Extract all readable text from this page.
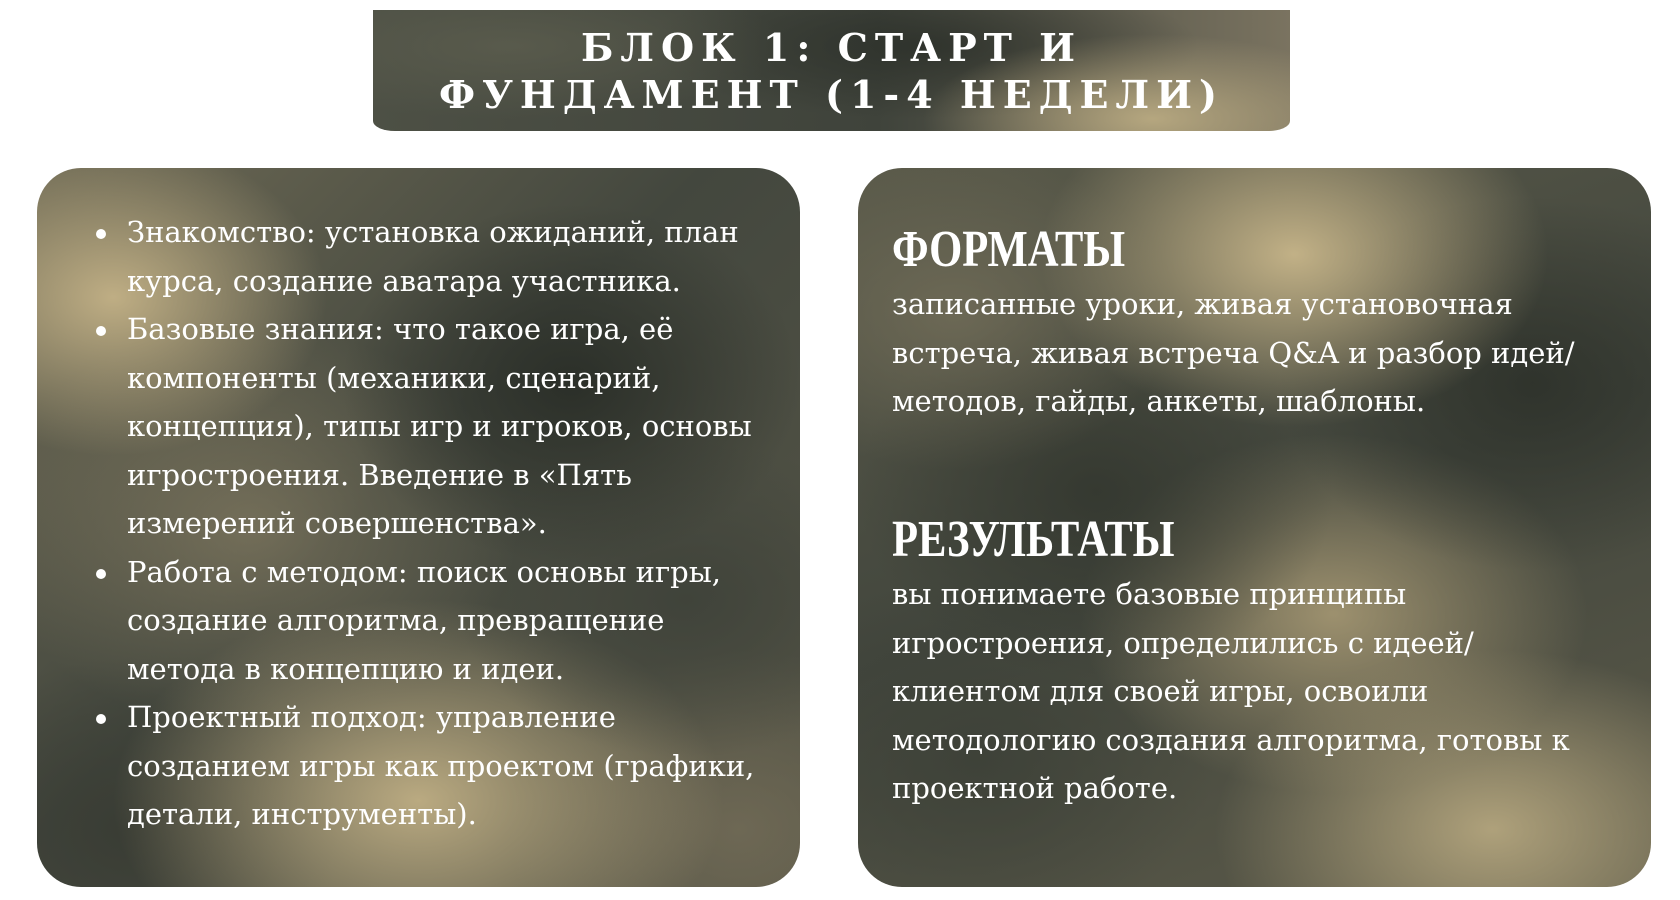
БЛОК 1: СТАРТ И
ФУНДАМЕНТ (1-4 НЕДЕЛИ)
Знакомство: установка ожиданий, план курса, создание аватара участника.
Базовые знания: что такое игра, её компоненты (механики, сценарий, концепция), типы игр и игроков, основы игростроения. Введение в «Пять измерений совершенства».
Работа с методом: поиск основы игры, создание алгоритма, превращение метода в концепцию и идеи.
Проектный подход: управление созданием игры как проектом (графики, детали, инструменты).
ФОРМАТЫ

записанные уроки, живая установочная встреча, живая встреча Q&A и разбор идей/ методов, гайды, анкеты, шаблоны.

РЕЗУЛЬТАТЫ

вы понимаете базовые принципы игростроения, определились с идеей/ клиентом для своей игры, освоили методологию создания алгоритма, готовы к проектной работе.
